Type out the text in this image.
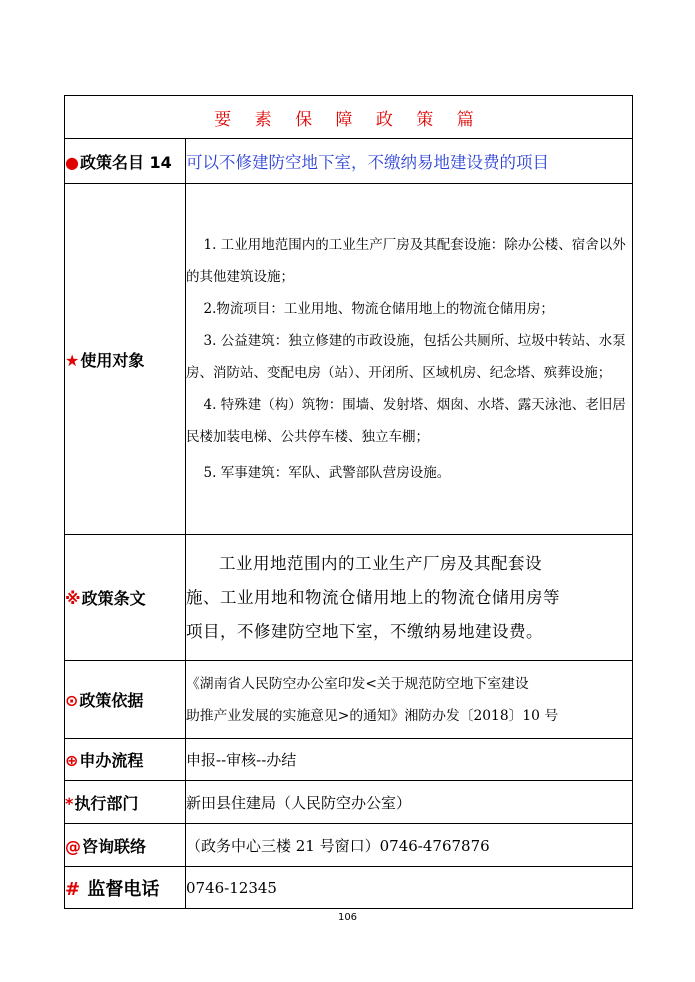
要 素 保 障 政 策 篇	
●政策名目 14	可以不修建防空地下室，不缴纳易地建设费的项目
★使用对象	1. 工业用地范围内的工业生产厂房及其配套设施：除办公楼、宿舍以外的其他建筑设施；

2.物流项目：工业用地、物流仓储用地上的物流仓储用房；

3. 公益建筑：独立修建的市政设施，包括公共厕所、垃圾中转站、水泵房、消防站、变配电房（站）、开闭所、区域机房、纪念塔、殡葬设施；

4. 特殊建（构）筑物：围墙、发射塔、烟囱、水塔、露天泳池、老旧居民楼加装电梯、公共停车楼、独立车棚；

5. 军事建筑：军队、武警部队营房设施。

※政策条文	工业用地范围内的工业生产厂房及其配套设
施、工业用地和物流仓储用地上的物流仓储用房等
项目，不修建防空地下室，不缴纳易地建设费。

⊙政策依据	《湖南省人民防空办公室印发<关于规范防空地下室建设
助推产业发展的实施意见>的通知》湘防办发〔2018〕10 号

⊕申办流程	申报--审核--办结
*执行部门	新田县住建局（人民防空办公室）
@咨询联络	（政务中心三楼 21 号窗口）0746-4767876
# 监督电话	0746-12345
106
